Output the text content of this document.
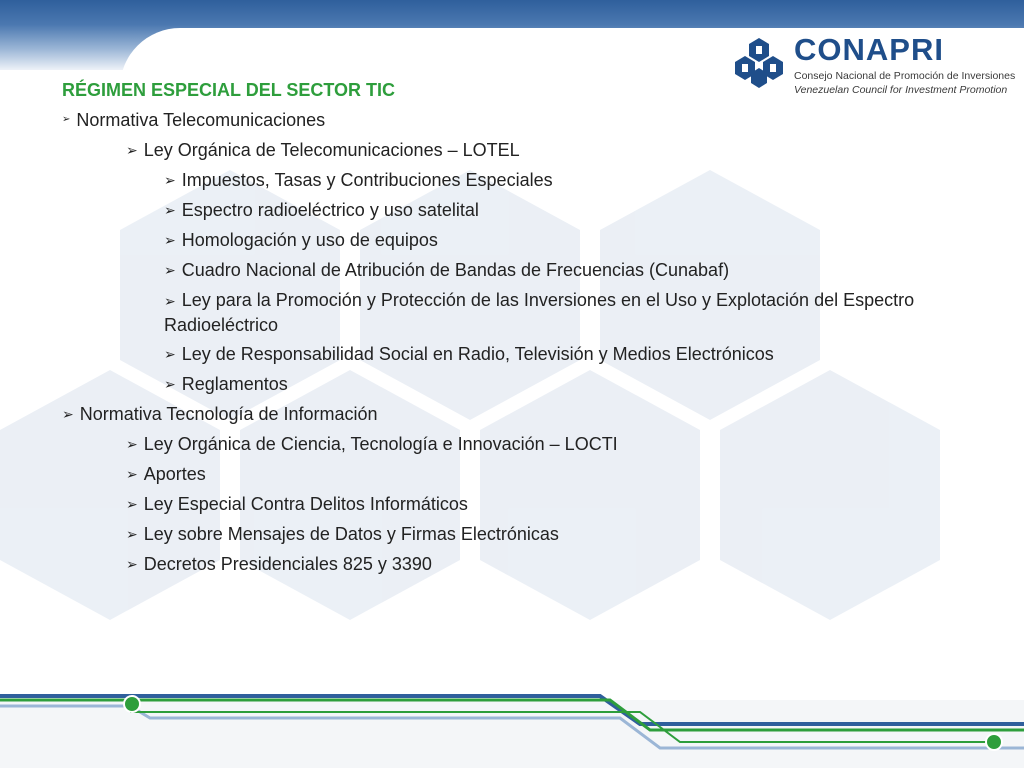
CONAPRI
Consejo Nacional de Promoción de Inversiones
Venezuelan Council for Investment Promotion
RÉGIMEN ESPECIAL DEL SECTOR TIC
➢ Normativa Telecomunicaciones
➢ Ley Orgánica de Telecomunicaciones – LOTEL
➢ Impuestos, Tasas y Contribuciones Especiales
➢ Espectro radioeléctrico y uso satelital
➢ Homologación y uso de equipos
➢ Cuadro Nacional de Atribución de Bandas de Frecuencias (Cunabaf)
➢ Ley para la Promoción y Protección de las Inversiones en el Uso y Explotación del Espectro Radioeléctrico
➢ Ley de Responsabilidad Social en Radio, Televisión y Medios Electrónicos
➢ Reglamentos
➢ Normativa Tecnología de Información
➢ Ley Orgánica de Ciencia, Tecnología e Innovación – LOCTI
➢ Aportes
➢ Ley Especial Contra Delitos Informáticos
➢ Ley sobre Mensajes de Datos y Firmas Electrónicas
➢ Decretos Presidenciales 825 y 3390
